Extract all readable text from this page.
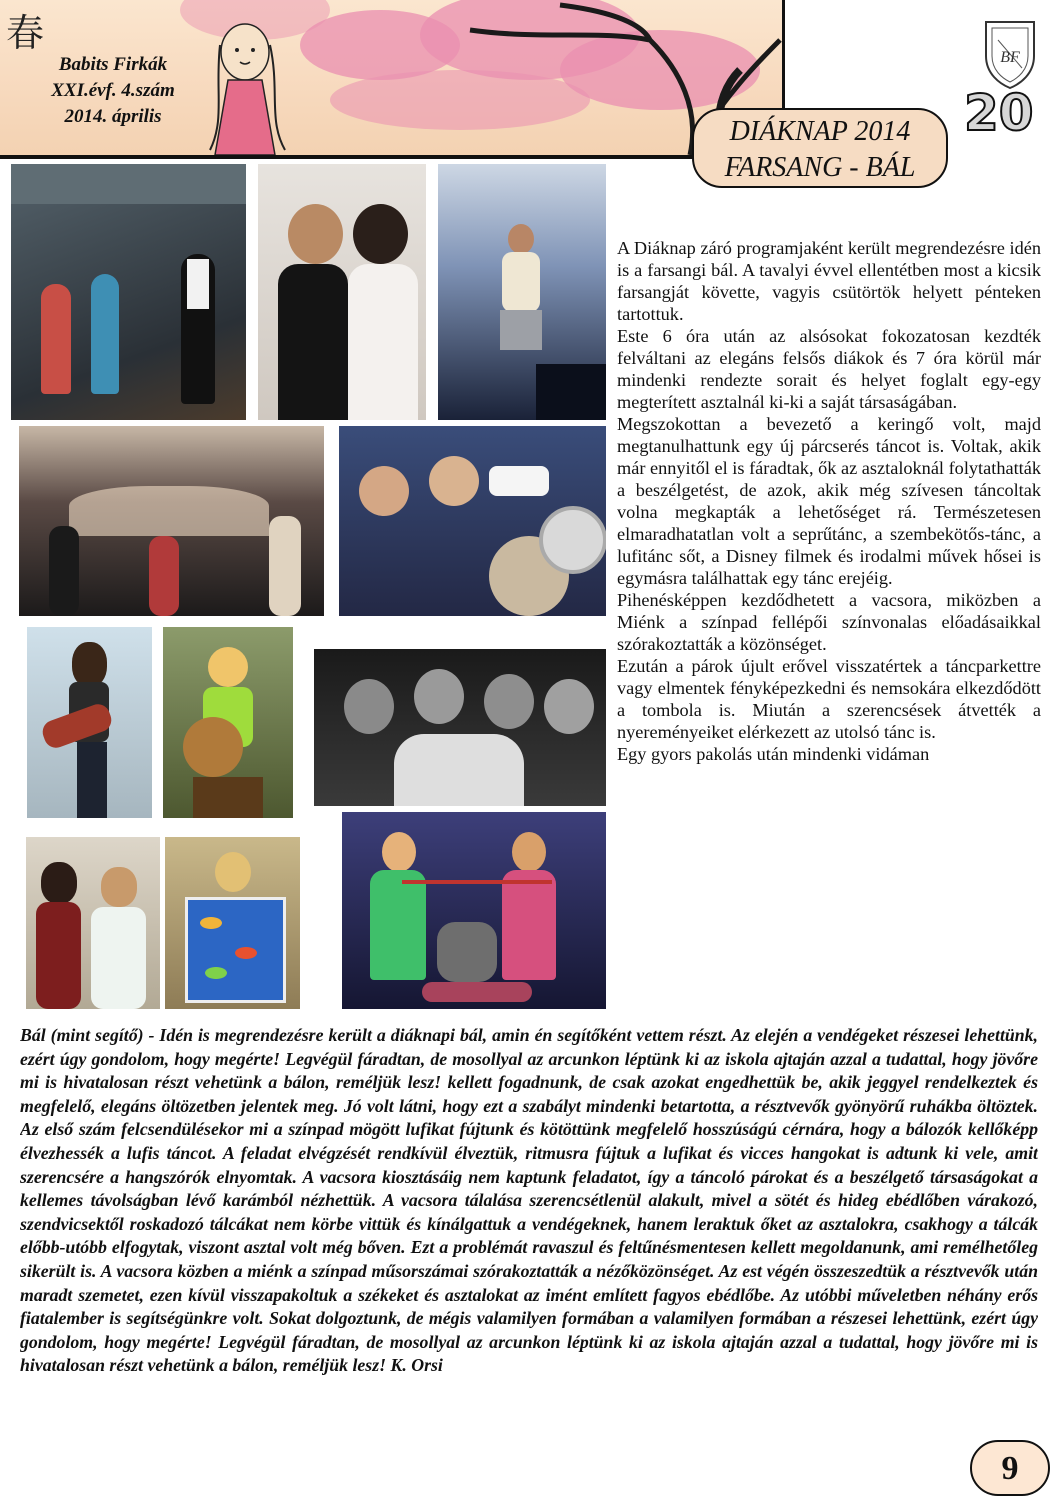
春
Babits Firkák
XXI.évf. 4.szám
2014. április	DIÁKNAP 2014
FARSANG - BÁL
BF
20

A Diáknap záró programjaként került megrendezésre idén is a farsangi bál. A tavalyi évvel ellentétben most a kicsik farsangját követte, vagyis csütörtök helyett pénteken tartottuk.

Este 6 óra után az alsósokat fokozatosan kezdték felváltani az elegáns felsős diákok és 7 óra körül már mindenki rendezte sorait és helyet foglalt egy-egy megterített asztalnál ki-ki a saját társaságában.

Megszokottan a bevezető a keringő volt, majd megtanulhattunk egy új párcserés táncot is. Voltak, akik már ennyitől el is fáradtak, ők az asztaloknál folytathatták a beszélgetést, de azok, akik még szívesen táncoltak volna megkapták a lehetőséget rá. Természetesen elmaradhatatlan volt a seprűtánc, a szembekötős-tánc, a lufitánc sőt, a Disney filmek és irodalmi művek hősei is egymásra találhattak egy tánc erejéig.

Pihenésképpen kezdődhetett a vacsora, miközben a Miénk a színpad fellépői színvonalas előadásaikkal szórakoztatták a közönséget.

Ezután a párok újult erővel visszatértek a táncparkettre vagy elmentek fényképezkedni és nemsokára elkezdődött a tombola is. Miután a szerencsések átvették a nyereményeiket elérkezett az utolsó tánc is.

Egy gyors pakolás után mindenki vidáman

Bál (mint segítő) - Idén is megrendezésre került a diáknapi bál, amin én segítőként vettem részt. Az elején a vendégeket részesei lehettünk, ezért úgy gondolom, hogy megérte! Legvégül fáradtan, de mosollyal az arcunkon léptünk ki az iskola ajtaján azzal a tudattal, hogy jövőre mi is hivatalosan részt vehetünk a bálon, reméljük lesz! kellett fogadnunk, de csak azokat engedhettük be, akik jeggyel rendelkeztek és megfelelő, elegáns öltözetben jelentek meg. Jó volt látni, hogy ezt a szabályt mindenki betartotta, a résztvevők gyönyörű ruhákba öltöztek. Az első szám felcsendülésekor mi a színpad mögött lufikat fújtunk és kötöttünk megfelelő hosszúságú cérnára, hogy a bálozók kellőképp élvezhessék a lufis táncot. A feladat elvégzését rendkívül élveztük, ritmusra fújtuk a lufikat és vicces hangokat is adtunk ki vele, amit szerencsére a hangszórók elnyomtak. A vacsora kiosztásáig nem kaptunk feladatot, így a táncoló párokat és a beszélgető társaságokat a kellemes távolságban lévő karámból nézhettük. A vacsora tálalása szerencsétlenül alakult, mivel a sötét és hideg ebédlőben várakozó, szendvicsektől roskadozó tálcákat nem körbe vittük és kínálgattuk a vendégeknek, hanem leraktuk őket az asztalokra, csakhogy a tálcák előbb-utóbb elfogytak, viszont asztal volt még bőven. Ezt a problémát ravaszul és feltűnésmentesen kellett megoldanunk, ami remélhetőleg sikerült is. A vacsora közben a miénk a színpad műsorszámai szórakoztatták a nézőközönséget. Az est végén összeszedtük a résztvevők után maradt szemetet, ezen kívül visszapakoltuk a székeket és asztalokat az imént említett fagyos ebédlőbe. Az utóbbi műveletben néhány erős fiatalember is segítségünkre volt. Sokat dolgoztunk, de mégis valamilyen formában a valamilyen formában a részesei lehettünk, ezért úgy gondolom, hogy megérte! Legvégül fáradtan, de mosollyal az arcunkon léptünk ki az iskola ajtaján azzal a tudattal, hogy jövőre mi is hivatalosan részt vehetünk a bálon, reméljük lesz! K. Orsi
9
